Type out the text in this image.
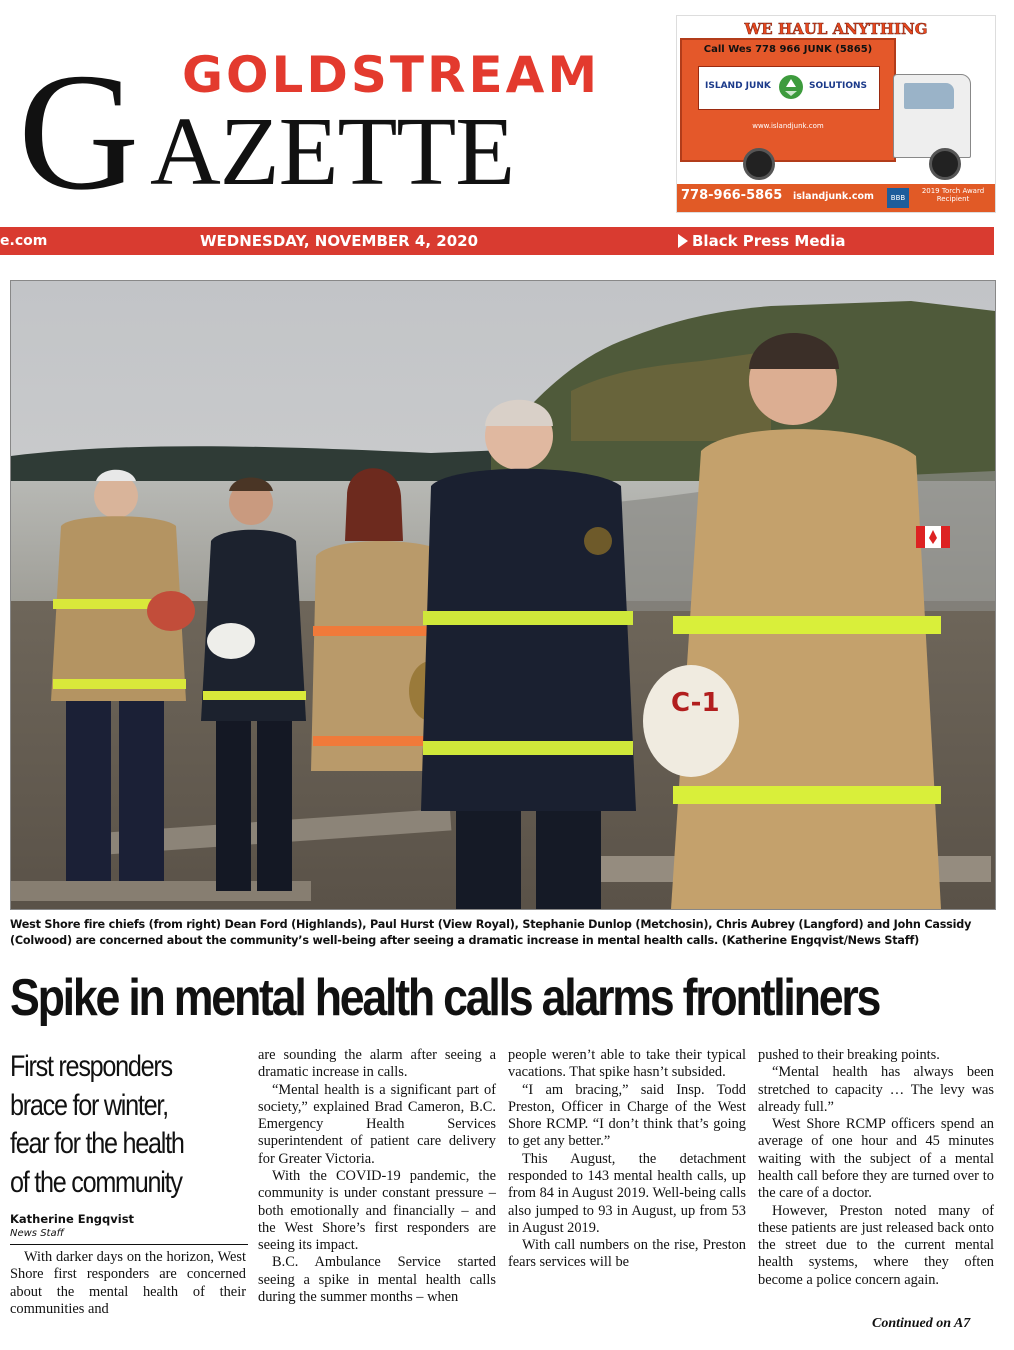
GOLDSTREAM
G AZETTE
WE HAUL ANYTHING
Call Wes 778 966 JUNK (5865)
ISLAND JUNK	SOLUTIONS
www.islandjunk.com
778-966-5865 islandjunk.com	BBB
2019 Torch Award Recipient
e.com	WEDNESDAY, NOVEMBER 4, 2020	Black Press Media
C-1
West Shore fire chiefs (from right) Dean Ford (Highlands), Paul Hurst (View Royal), Stephanie Dunlop (Metchosin), Chris Aubrey (Langford) and John Cassidy (Colwood) are concerned about the community’s well-being after seeing a dramatic increase in mental health calls. (Katherine Engqvist/News Staff)
Spike in mental health calls alarms frontliners
First responders
brace for winter,
fear for the health
of the community
Katherine Engqvist
News Staff

With darker days on the horizon, West Shore first responders are concerned about the mental health of their communities and

are sounding the alarm after seeing a dramatic increase in calls.

“Mental health is a significant part of society,” explained Brad Cameron, B.C. Emergency Health Services superintendent of patient care delivery for Greater Victoria.

With the COVID-19 pandemic, the community is under constant pressure – both emotionally and financially – and the West Shore’s first responders are seeing its impact.

B.C. Ambulance Service started seeing a spike in mental health calls during the summer months – when

people weren’t able to take their typical vacations. That spike hasn’t subsided.

“I am bracing,” said Insp. Todd Preston, Officer in Charge of the West Shore RCMP. “I don’t think that’s going to get any better.”

This August, the detachment responded to 143 mental health calls, up from 84 in August 2019. Well-being calls also jumped to 93 in August, up from 53 in August 2019.

With call numbers on the rise, Preston fears services will be

pushed to their breaking points.

“Mental health has always been stretched to capacity … The levy was already full.”

West Shore RCMP officers spend an average of one hour and 45 minutes waiting with the subject of a mental health call before they are turned over to the care of a doctor.

However, Preston noted many of these patients are just released back onto the street due to the current mental health systems, where they often become a police concern again.

Continued on A7
